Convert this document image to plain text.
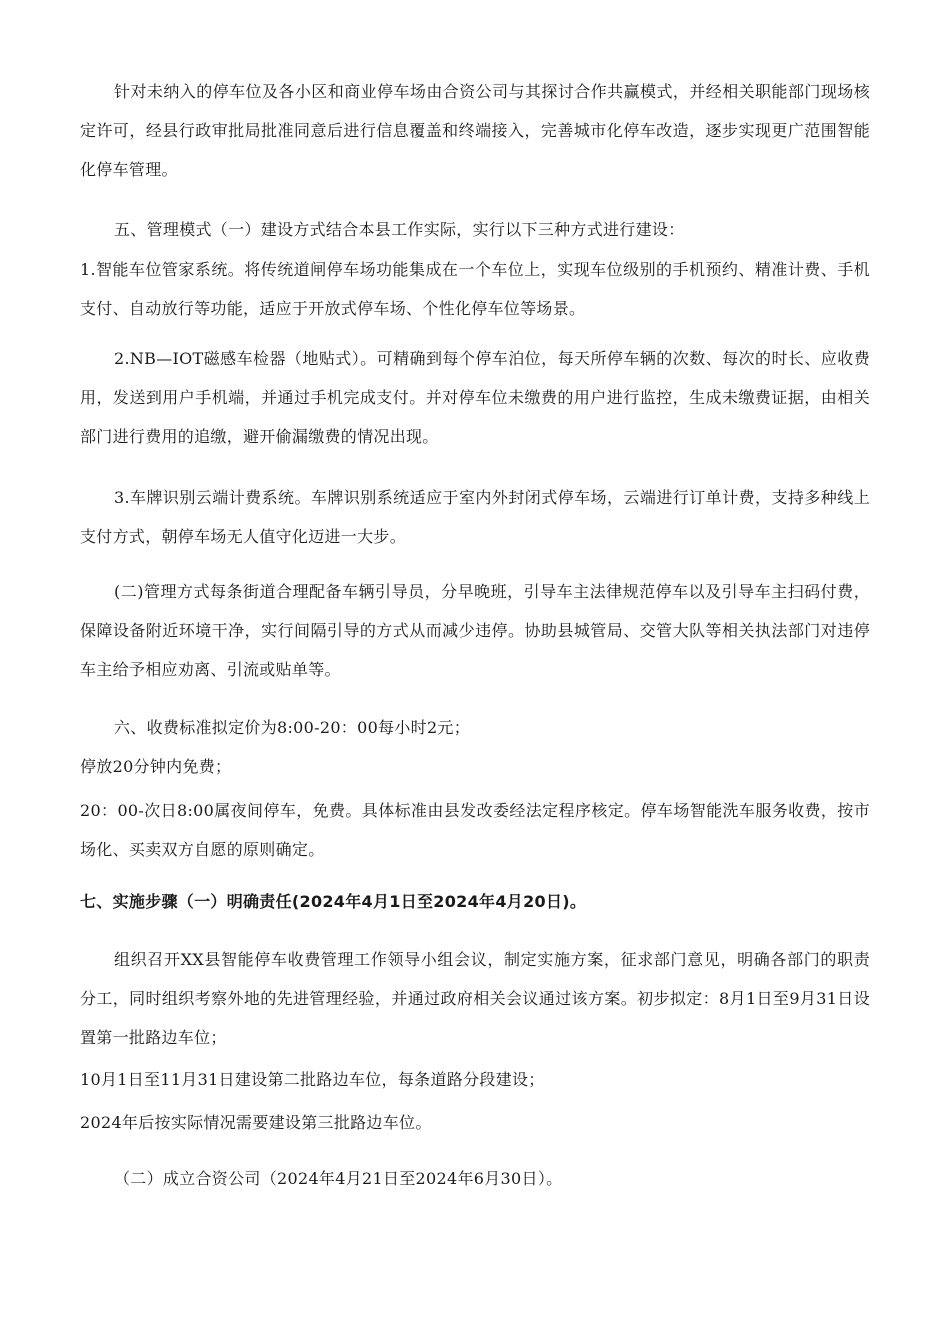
针对未纳入的停车位及各小区和商业停车场由合资公司与其探讨合作共赢模式，并经相关职能部门现场核定许可，经县行政审批局批准同意后进行信息覆盖和终端接入，完善城市化停车改造，逐步实现更广范围智能化停车管理。

五、管理模式（一）建设方式结合本县工作实际，实行以下三种方式进行建设：

1.智能车位管家系统。将传统道闸停车场功能集成在一个车位上，实现车位级别的手机预约、精准计费、手机支付、自动放行等功能，适应于开放式停车场、个性化停车位等场景。

2.NB—IOT磁感车检器（地贴式）。可精确到每个停车泊位，每天所停车辆的次数、每次的时长、应收费用，发送到用户手机端，并通过手机完成支付。并对停车位未缴费的用户进行监控，生成未缴费证据，由相关部门进行费用的追缴，避开偷漏缴费的情况出现。

3.车牌识别云端计费系统。车牌识别系统适应于室内外封闭式停车场，云端进行订单计费，支持多种线上支付方式，朝停车场无人值守化迈进一大步。

(二)管理方式每条街道合理配备车辆引导员，分早晚班，引导车主法律规范停车以及引导车主扫码付费，保障设备附近环境干净，实行间隔引导的方式从而减少违停。协助县城管局、交管大队等相关执法部门对违停车主给予相应劝离、引流或贴单等。

六、收费标准拟定价为8:00-20：00每小时2元；

停放20分钟内免费；

20：00-次日8:00属夜间停车，免费。具体标准由县发改委经法定程序核定。停车场智能洗车服务收费，按市场化、买卖双方自愿的原则确定。

七、实施步骤（一）明确责任(2024年4月1日至2024年4月20日)。

组织召开XX县智能停车收费管理工作领导小组会议，制定实施方案，征求部门意见，明确各部门的职责分工，同时组织考察外地的先进管理经验，并通过政府相关会议通过该方案。初步拟定：8月1日至9月31日设置第一批路边车位；

10月1日至11月31日建设第二批路边车位，每条道路分段建设；

2024年后按实际情况需要建设第三批路边车位。

（二）成立合资公司（2024年4月21日至2024年6月30日）。
